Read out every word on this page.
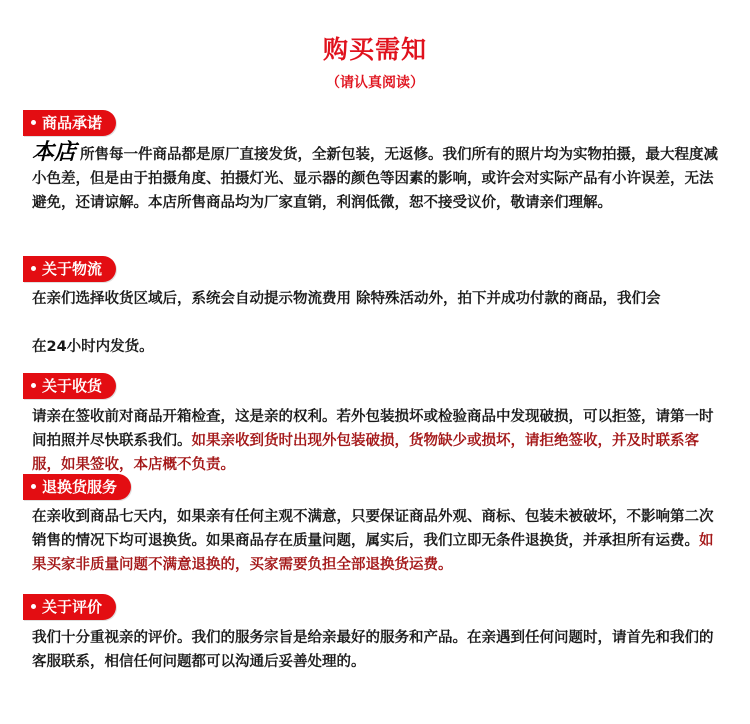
购买需知
（请认真阅读）
商品承诺
本店 所售每一件商品都是原厂直接发货，全新包装，无返修。我们所有的照片均为实物拍摄，最大程度减小色差，但是由于拍摄角度、拍摄灯光、显示器的颜色等因素的影响，或许会对实际产品有小许误差，无法避免，还请谅解。本店所售商品均为厂家直销，利润低微，恕不接受议价，敬请亲们理解。
关于物流
在亲们选择收货区域后，系统会自动提示物流费用 除特殊活动外，拍下并成功付款的商品，我们会
在24小时内发货。
关于收货
请亲在签收前对商品开箱检查，这是亲的权利。若外包装损坏或检验商品中发现破损，可以拒签，请第一时间拍照并尽快联系我们。如果亲收到货时出现外包装破损，货物缺少或损坏，请拒绝签收，并及时联系客服，如果签收，本店概不负责。
退换货服务
在亲收到商品七天内，如果亲有任何主观不满意，只要保证商品外观、商标、包装未被破坏，不影响第二次销售的情况下均可退换货。如果商品存在质量问题，属实后，我们立即无条件退换货，并承担所有运费。如果买家非质量问题不满意退换的，买家需要负担全部退换货运费。
关于评价
我们十分重视亲的评价。我们的服务宗旨是给亲最好的服务和产品。在亲遇到任何问题时，请首先和我们的客服联系，相信任何问题都可以沟通后妥善处理的。
